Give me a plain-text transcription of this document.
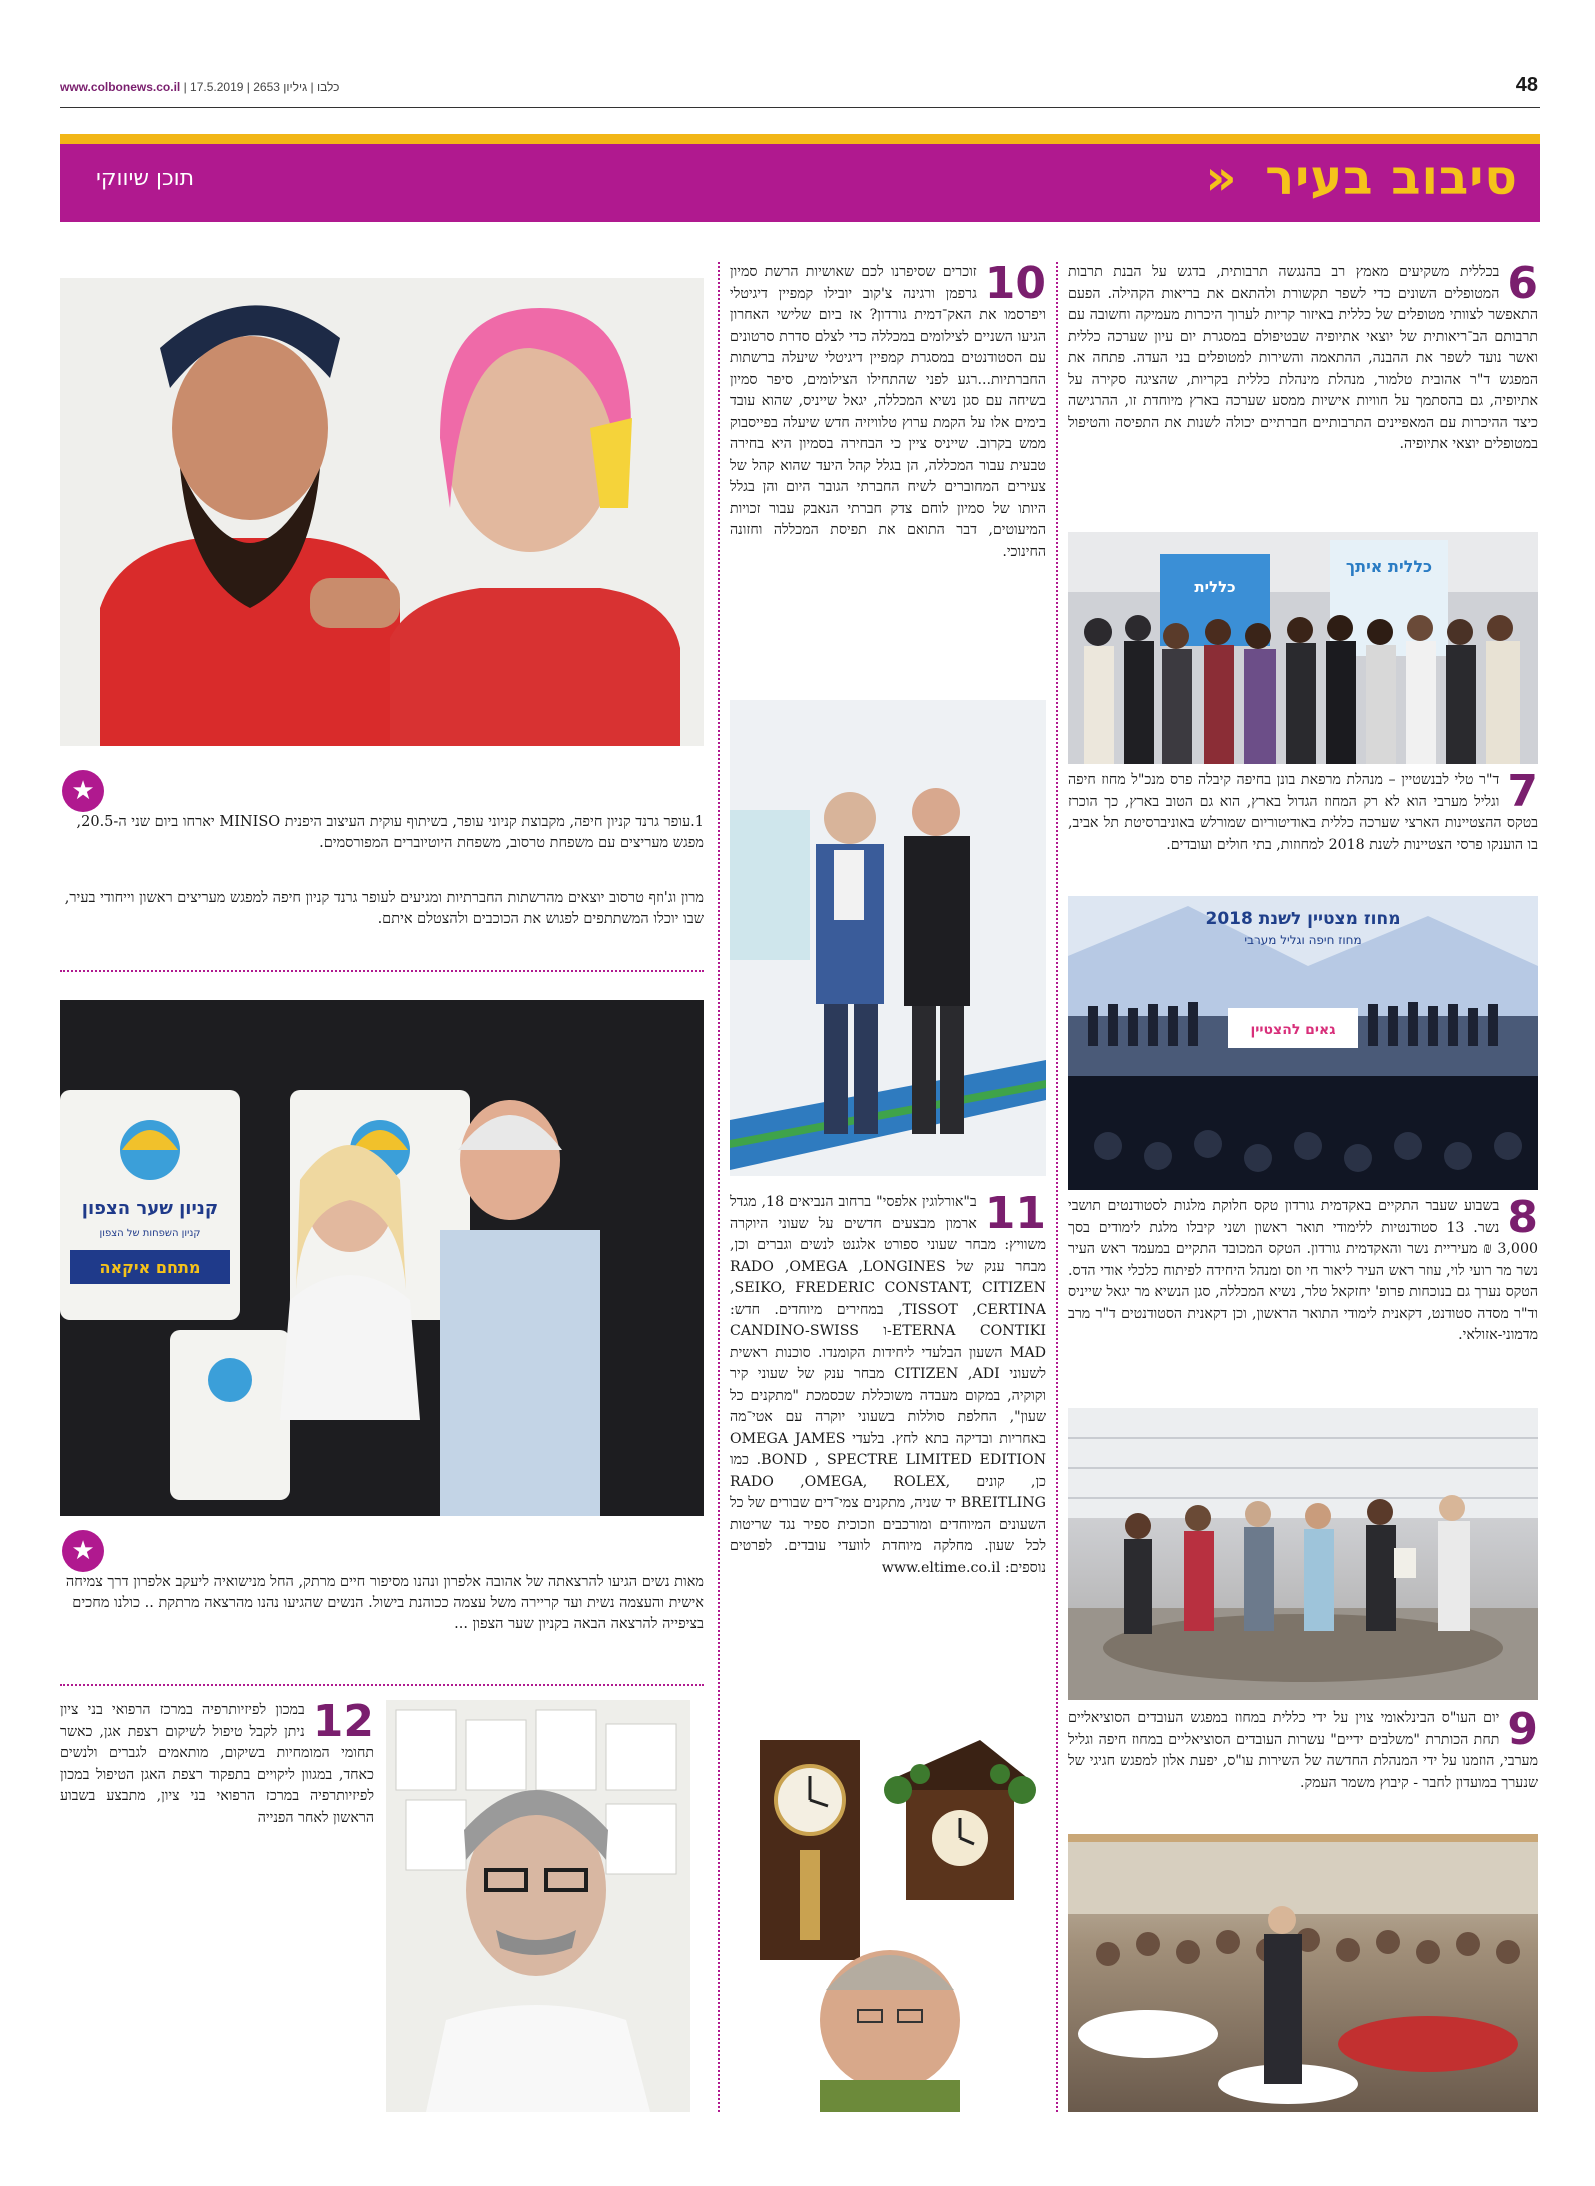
www.colbonews.co.il | כלבו | גיליון 2653 | 17.5.2019	48
סיבוב בעיר «
תוכן שיווקי
6
בכללית משקיעים מאמץ רב בהנגשה תרבותית, בדגש על הבנת תרבות המטופלים השונים כדי לשפר תקשורת ולהתאם את בריאות הקהילה. הפעם התאפשר לצוותי מטופלים של כללית באיזור קריות לערוך היכרות מעמיקה וחשובה עם תרבותם הב־ריאותית של יוצאי אתיופיה שבטיפולם במסגרת יום עיון שערכה כללית ואשר נועד לשפר את ההבנה, ההתאמה והשירות למטופלים בני העדה. פתחה את המפגש ד"ר אהובית טלמור, מנהלת מינהלת כללית בקריות, שהציגה סקירה על אתיופיה, גם בהסתמך על חוויות אישיות ממסע שערכה בארץ מיוחדת זו, ההרגישה כיצד ההיכרות עם המאפיינים התרבותיים חברתיים יכולה לשנות את התפיסה והטיפול במטופלים יוצאי אתיופיה.
כללית איתך
כללית
7
ד"ר טלי לבנשטיין – מנהלת מרפאת בונן בחיפה קיבלה פרס מנכ"ל מחוז חיפה וגליל מערבי הוא לא רק המחוז הגדול בארץ, הוא גם הטוב בארץ, כך הוכרז בטקס ההצטיינות הארצי שערכה כללית באודיטוריום שמורלש באוניברסיטת תל אביב, בו הוענקו פרסי הצטיינות לשנת 2018 למחוזות, בתי חולים ועובדים.
מחוז מצטיין לשנת 2018
מחוז חיפה וגליל מערבי
גאים להצטיין
8
בשבוע שעבר התקיים באקדמית גורדון טקס חלוקת מלגות לסטודנטים תושבי נשר. 13 סטודנטיות ללימודי תואר ראשון ושני קיבלו מלגת לימודים בסך 3,000 ₪ מעיריית נשר והאקדמית גורדון. הטקס המכובד התקיים במעמד ראש העיר נשר מר רועי לוי, עוזר ראש העיר ליאור חי וזס ומנהל היחידה לפיתוח כלכלי אודי הדס. הטקס נערך גם בנוכחות פרופ' יחזקאל טלר, נשיא המכללה, סגן הנשיא מר יגאל שייניס וד"ר מסדה סטודנט, דקאנית לימודי התואר הראשון, וכן דקאנית הסטודנטים ד"ר מרב מדמוני-אזולאי.
9
יום העו"ס הבינלאומי צוין על ידי כללית במחוז במפגש העובדים הסוציאליים תחת הכותרת "משלבים ידיים" עשרות העובדים הסוציאליים במחוז חיפה וגליל מערבי, הוזמנו על ידי המנהלת החדשה של השירות עו"ס, יפעת אלון למפגש חגיגי של שנערך במועדון לחבר - קיבוץ משמר העמק.
10
זוכרים שסיפרנו לכם שאושיות הרשת סמיון גרפמן ורגינה צ'קוב יובילו קמפיין דיגיטלי ויפרסמו את האק־דמית גורדון? אז ביום שלישי האחרון הגיעו השניים לצילומים במכללה כדי לצלם סדרת סרטונים עם הסטודנטים במסגרת קמפיין דיגיטלי שיעלה ברשתות החברתיות...רגע לפני שהתחילו הצילומים, סיפר סמיון בשיחה עם סגן נשיא המכללה, יגאל שייניס, שהוא עובד בימים אלו על הקמת ערוץ טלוויזיה חדש שיעלה בפייסבוק ממש בקרוב. שייניס ציין כי הבחירה בסמיון היא בחירה טבעית עבור המכללה, הן בגלל קהל היעד שהוא קהל של צעירים המחוברים לשיח החברתי הגובר היום והן בגלל היותו של סמיון לוחם צדק חברתי הנאבק עבור זכויות המיעוטים, דבר התואם את תפיסת המכללה וחזונה החינוכי.
11
ב"אורלוגין אלפסי" ברחוב הנביאים 18, מגדל ארמון מבצעים חדשים על שעוני היוקרה משוויץ: מבחר שעוני ספורט אלגנט לנשים וגברים וכן, מבחר ענק של RADO ,OMEGA ,LONGINES ,SEIKO, FREDERIC CONSTANT, CITIZEN ,TISSOT ,CERTINA במחירים מיוחדים. חדש: ETERNA CONTIKI-ו CANDINO-SWISS MAD השעון הבלעדי ליחידות הקומנדו. סוכנות ראשית לשעוני CITIZEN ,ADI מבחר ענק של שעוני קיר וקוקיה, במקום מעבדה משוכללת שכסמכת "מתקנים כל שעון", החלפת סוללות בשעוני יוקרה עם אטי־מה באחריות ובדיקה בתא לחץ. בלעדי OMEGA JAMES BOND , SPECTRE LIMITED EDITION. כמו כן, קונים RADO ,OMEGA, ROLEX, BREITLING יד שניה, מתקנים צמי־דים שבורים של כל השעונים המיוחדים ומורכבים וזכוכית ספיר נגד שריטות לכל שעון. מחלקה מיוחדת לוועדי עובדים. לפרטים נוספים: www.eltime.co.il
★
1.עופר גרנד קניון חיפה, מקבוצת קניוני עופר, בשיתוף עוקית העיצוב היפנית MINISO יארחו ביום שני ה-20.5, מפגש מעריצים עם משפחת טרסוב, משפחת היוטיוברים המפורסמים.
מרון וג'וזף טרסוב יוצאים מהרשתות החברתיות ומגיעים לעופר גרנד קניון חיפה למפגש מעריצים ראשון וייחודי בעיר, שבו יוכלו המשתתפים לפגוש את הכוכבים ולהצטלם איתם.
קניון שער הצפון
קניון השפחות של הצפון
מתחם איקאה
★
מאות נשים הגיעו להרצאתה של אהובה אלפרון ונהנו מסיפור חיים מרתק, החל מנישואיה ליעקב אלפרון דרך צמיחה אישית והעצמה נשית ועד קריירה משל עצמה ככוהנת בישול. הנשים שהגיעו נהנו מהרצאה מרתקת .. כולנו מחכים בציפייה להרצאה הבאה בקניון שער הצפון ...
12
במכון לפיזיותרפיה במרכז הרפואי בני ציון ניתן לקבל טיפול לשיקום רצפת אגן, כאשר תחומי המומחיות בשיקום, מותאמים לגברים ולנשים כאחד, במגוון ליקויים בתפקוד רצפת האגן הטיפול במכון לפיזיותרפיה במרכז הרפואי בני ציון, מתבצע בשבוע הראשון לאחר הפנייה
